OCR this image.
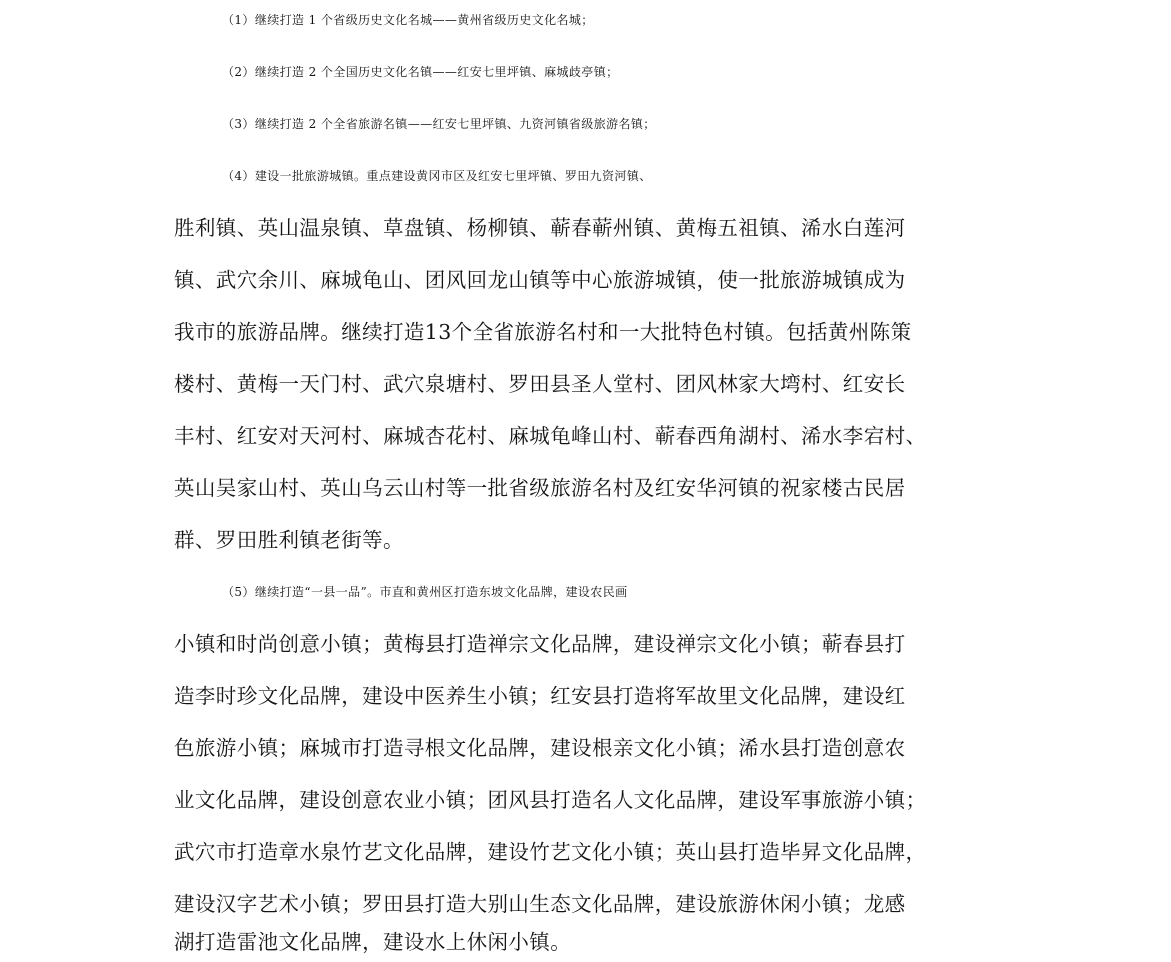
（1）继续打造 1 个省级历史文化名城——黄州省级历史文化名城；
（2）继续打造 2 个全国历史文化名镇——红安七里坪镇、麻城歧亭镇；
（3）继续打造 2 个全省旅游名镇——红安七里坪镇、九资河镇省级旅游名镇；
（4）建设一批旅游城镇。重点建设黄冈市区及红安七里坪镇、罗田九资河镇、
胜利镇、英山温泉镇、草盘镇、杨柳镇、蕲春蕲州镇、黄梅五祖镇、浠水白莲河
镇、武穴余川、麻城龟山、团风回龙山镇等中心旅游城镇，使一批旅游城镇成为
我市的旅游品牌。继续打造13个全省旅游名村和一大批特色村镇。包括黄州陈策
楼村、黄梅一天门村、武穴泉塘村、罗田县圣人堂村、团风林家大塆村、红安长
丰村、红安对天河村、麻城杏花村、麻城龟峰山村、蕲春西角湖村、浠水李宕村、
英山吴家山村、英山乌云山村等一批省级旅游名村及红安华河镇的祝家楼古民居
群、罗田胜利镇老街等。
（5）继续打造“一县一品”。市直和黄州区打造东坡文化品牌，建设农民画
小镇和时尚创意小镇；黄梅县打造禅宗文化品牌，建设禅宗文化小镇；蕲春县打
造李时珍文化品牌，建设中医养生小镇；红安县打造将军故里文化品牌，建设红
色旅游小镇；麻城市打造寻根文化品牌，建设根亲文化小镇；浠水县打造创意农
业文化品牌，建设创意农业小镇；团风县打造名人文化品牌，建设军事旅游小镇；
武穴市打造章水泉竹艺文化品牌，建设竹艺文化小镇；英山县打造毕昇文化品牌，
建设汉字艺术小镇；罗田县打造大别山生态文化品牌，建设旅游休闲小镇；龙感
湖打造雷池文化品牌，建设水上休闲小镇。
